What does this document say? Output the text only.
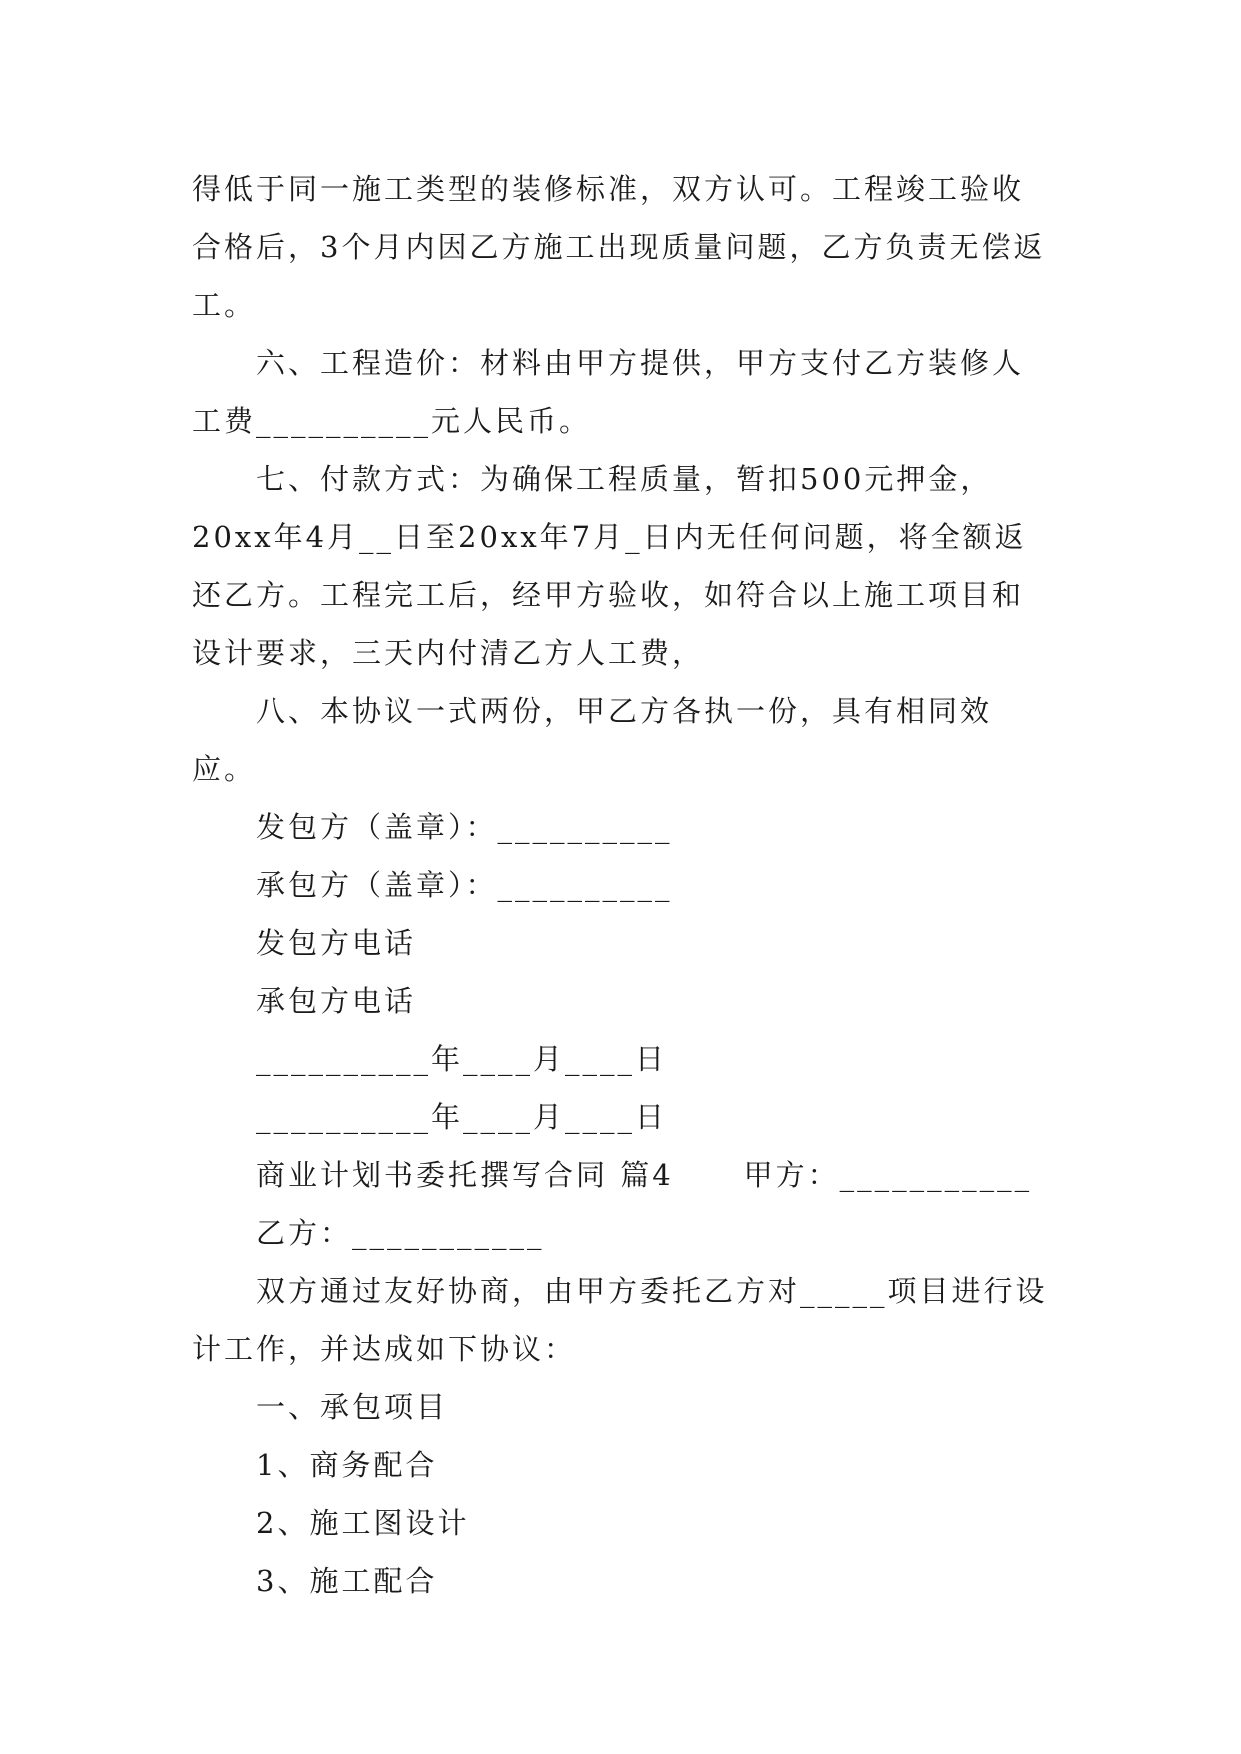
得低于同一施工类型的装修标准，双方认可。工程竣工验收合格后，3个月内因乙方施工出现质量问题，乙方负责无偿返工。

六、工程造价：材料由甲方提供，甲方支付乙方装修人工费__________元人民币。

七、付款方式：为确保工程质量，暂扣500元押金，20xx年4月__日至20xx年7月_日内无任何问题，将全额返还乙方。工程完工后，经甲方验收，如符合以上施工项目和设计要求，三天内付清乙方人工费，

八、本协议一式两份，甲乙方各执一份，具有相同效应。

发包方（盖章）：__________

承包方（盖章）：__________

发包方电话

承包方电话

__________年____月____日

__________年____月____日

商业计划书委托撰写合同 篇4 甲方：___________

乙方：___________

双方通过友好协商，由甲方委托乙方对_____项目进行设计工作，并达成如下协议：

一、承包项目

1、商务配合

2、施工图设计

3、施工配合
